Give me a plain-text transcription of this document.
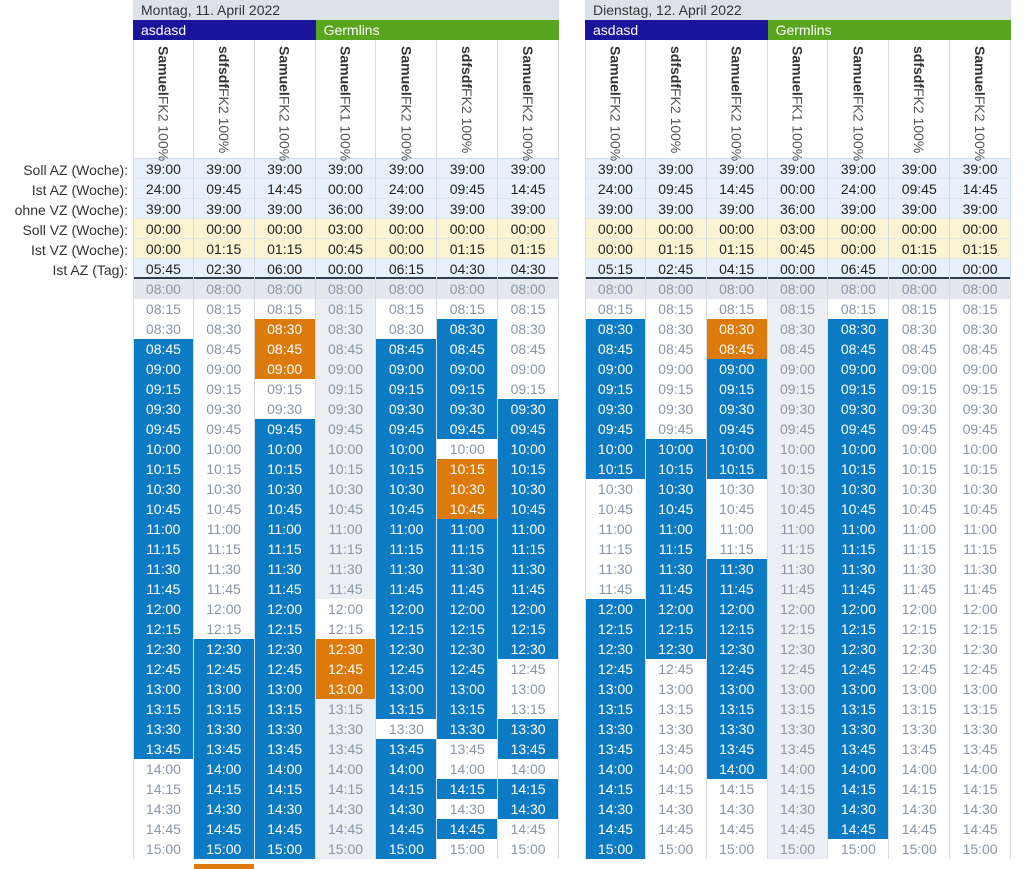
Soll AZ (Woche):
Ist AZ (Woche):
ohne VZ (Woche):
Soll VZ (Woche):
Ist VZ (Woche):
Ist AZ (Tag):
Montag, 11. April 2022
asdasd	Germlins
SamuelFK2 100%
39:00
24:00
39:00
00:00
00:00
05:45
08:00
08:15
08:30
08:45
09:00
09:15
09:30
09:45
10:00
10:15
10:30
10:45
11:00
11:15
11:30
11:45
12:00
12:15
12:30
12:45
13:00
13:15
13:30
13:45
14:00
14:15
14:30
14:45
15:00
sdfsdfFK2 100%
39:00
09:45
39:00
00:00
01:15
02:30
08:00
08:15
08:30
08:45
09:00
09:15
09:30
09:45
10:00
10:15
10:30
10:45
11:00
11:15
11:30
11:45
12:00
12:15
12:30
12:45
13:00
13:15
13:30
13:45
14:00
14:15
14:30
14:45
15:00
SamuelFK2 100%
39:00
14:45
39:00
00:00
01:15
06:00
08:00
08:15
08:30
08:45
09:00
09:15
09:30
09:45
10:00
10:15
10:30
10:45
11:00
11:15
11:30
11:45
12:00
12:15
12:30
12:45
13:00
13:15
13:30
13:45
14:00
14:15
14:30
14:45
15:00
SamuelFK1 100%
39:00
00:00
36:00
03:00
00:45
00:00
08:00
08:15
08:30
08:45
09:00
09:15
09:30
09:45
10:00
10:15
10:30
10:45
11:00
11:15
11:30
11:45
12:00
12:15
12:30
12:45
13:00
13:15
13:30
13:45
14:00
14:15
14:30
14:45
15:00
SamuelFK2 100%
39:00
24:00
39:00
00:00
00:00
06:15
08:00
08:15
08:30
08:45
09:00
09:15
09:30
09:45
10:00
10:15
10:30
10:45
11:00
11:15
11:30
11:45
12:00
12:15
12:30
12:45
13:00
13:15
13:30
13:45
14:00
14:15
14:30
14:45
15:00
sdfsdfFK2 100%
39:00
09:45
39:00
00:00
01:15
04:30
08:00
08:15
08:30
08:45
09:00
09:15
09:30
09:45
10:00
10:15
10:30
10:45
11:00
11:15
11:30
11:45
12:00
12:15
12:30
12:45
13:00
13:15
13:30
13:45
14:00
14:15
14:30
14:45
15:00
SamuelFK2 100%
39:00
14:45
39:00
00:00
01:15
04:30
08:00
08:15
08:30
08:45
09:00
09:15
09:30
09:45
10:00
10:15
10:30
10:45
11:00
11:15
11:30
11:45
12:00
12:15
12:30
12:45
13:00
13:15
13:30
13:45
14:00
14:15
14:30
14:45
15:00
Dienstag, 12. April 2022
asdasd	Germlins
SamuelFK2 100%
39:00
24:00
39:00
00:00
00:00
05:15
08:00
08:15
08:30
08:45
09:00
09:15
09:30
09:45
10:00
10:15
10:30
10:45
11:00
11:15
11:30
11:45
12:00
12:15
12:30
12:45
13:00
13:15
13:30
13:45
14:00
14:15
14:30
14:45
15:00
sdfsdfFK2 100%
39:00
09:45
39:00
00:00
01:15
02:45
08:00
08:15
08:30
08:45
09:00
09:15
09:30
09:45
10:00
10:15
10:30
10:45
11:00
11:15
11:30
11:45
12:00
12:15
12:30
12:45
13:00
13:15
13:30
13:45
14:00
14:15
14:30
14:45
15:00
SamuelFK2 100%
39:00
14:45
39:00
00:00
01:15
04:15
08:00
08:15
08:30
08:45
09:00
09:15
09:30
09:45
10:00
10:15
10:30
10:45
11:00
11:15
11:30
11:45
12:00
12:15
12:30
12:45
13:00
13:15
13:30
13:45
14:00
14:15
14:30
14:45
15:00
SamuelFK1 100%
39:00
00:00
36:00
03:00
00:45
00:00
08:00
08:15
08:30
08:45
09:00
09:15
09:30
09:45
10:00
10:15
10:30
10:45
11:00
11:15
11:30
11:45
12:00
12:15
12:30
12:45
13:00
13:15
13:30
13:45
14:00
14:15
14:30
14:45
15:00
SamuelFK2 100%
39:00
24:00
39:00
00:00
00:00
06:45
08:00
08:15
08:30
08:45
09:00
09:15
09:30
09:45
10:00
10:15
10:30
10:45
11:00
11:15
11:30
11:45
12:00
12:15
12:30
12:45
13:00
13:15
13:30
13:45
14:00
14:15
14:30
14:45
15:00
sdfsdfFK2 100%
39:00
09:45
39:00
00:00
01:15
00:00
08:00
08:15
08:30
08:45
09:00
09:15
09:30
09:45
10:00
10:15
10:30
10:45
11:00
11:15
11:30
11:45
12:00
12:15
12:30
12:45
13:00
13:15
13:30
13:45
14:00
14:15
14:30
14:45
15:00
SamuelFK2 100%
39:00
14:45
39:00
00:00
01:15
00:00
08:00
08:15
08:30
08:45
09:00
09:15
09:30
09:45
10:00
10:15
10:30
10:45
11:00
11:15
11:30
11:45
12:00
12:15
12:30
12:45
13:00
13:15
13:30
13:45
14:00
14:15
14:30
14:45
15:00
